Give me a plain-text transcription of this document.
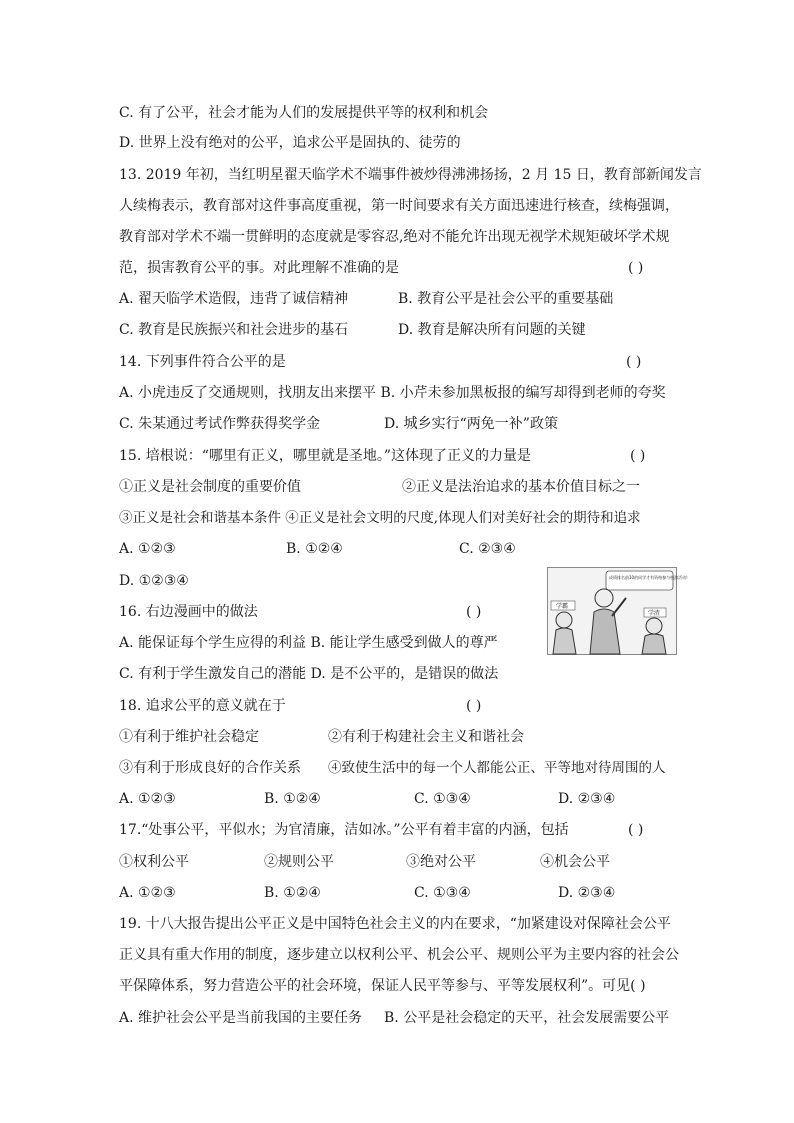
C. 有了公平，社会才能为人们的发展提供平等的权利和机会
D. 世界上没有绝对的公平，追求公平是固执的、徒劳的
13. 2019 年初，当红明星翟天临学术不端事件被炒得沸沸扬扬，2 月 15 日，教育部新闻发言
人续梅表示，教育部对这件事高度重视，第一时间要求有关方面迅速进行核查，续梅强调，
教育部对学术不端一贯鲜明的态度就是零容忍,绝对不能允许出现无视学术规矩破坏学术规
范，损害教育公平的事。对此理解不准确的是	( )
A. 翟天临学术造假，违背了诚信精神	B. 教育公平是社会公平的重要基础
C. 教育是民族振兴和社会进步的基石	D. 教育是解决所有问题的关键
14. 下列事件符合公平的是	( )
A. 小虎违反了交通规则，找朋友出来摆平 B. 小芹未参加黑板报的编写却得到老师的夸奖
C. 朱某通过考试作弊获得奖学金	D. 城乡实行“两免一补”政策
15. 培根说：“哪里有正义，哪里就是圣地。”这体现了正义的力量是	( )
①正义是社会制度的重要价值	②正义是法治追求的基本价值目标之一
③正义是社会和谐基本条件 ④正义是社会文明的尺度,体现人们对美好社会的期待和追求
A. ①②③	B. ①②④	C. ②③④
D. ①②③④
16. 右边漫画中的做法	( )
A. 能保证每个学生应得的利益 B. 能让学生感受到做人的尊严
C. 有利于学生激发自己的潜能 D. 是不公平的，是错误的做法
成绩排名前10的同学才有资格参与校游活动!
学霸
学渣
18. 追求公平的意义就在于	( )
①有利于维护社会稳定	②有利于构建社会主义和谐社会
③有利于形成良好的合作关系 ④致使生活中的每一个人都能公正、平等地对待周围的人
A. ①②③	B. ①②④	C. ①③④	D. ②③④
17.“处事公平，平似水；为官清廉，洁如冰。”公平有着丰富的内涵，包括	( )
①权利公平	②规则公平	③绝对公平	④机会公平
A. ①②③	B. ①②④	C. ①③④	D. ②③④
19. 十八大报告提出公平正义是中国特色社会主义的内在要求，“加紧建设对保障社会公平
正义具有重大作用的制度，逐步建立以权利公平、机会公平、规则公平为主要内容的社会公
平保障体系，努力营造公平的社会环境，保证人民平等参与、平等发展权利”。可见( )
A. 维护社会公平是当前我国的主要任务 B. 公平是社会稳定的天平，社会发展需要公平
